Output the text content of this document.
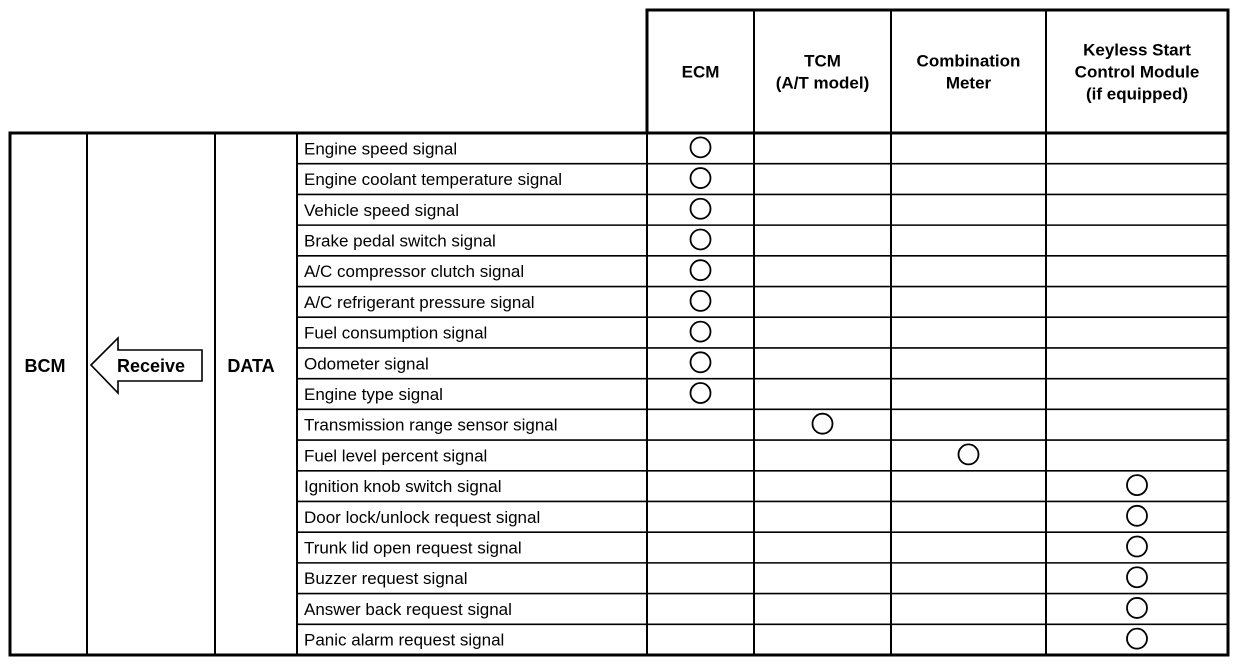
ECM
TCM
(A/T model)
Combination
Meter
Keyless Start
Control Module
(if equipped)
BCM	Receive DATA
Engine speed signal
Engine coolant temperature signal
Vehicle speed signal
Brake pedal switch signal
A/C compressor clutch signal
A/C refrigerant pressure signal
Fuel consumption signal
Odometer signal
Engine type signal
Transmission range sensor signal
Fuel level percent signal
Ignition knob switch signal
Door lock/unlock request signal
Trunk lid open request signal
Buzzer request signal
Answer back request signal
Panic alarm request signal
